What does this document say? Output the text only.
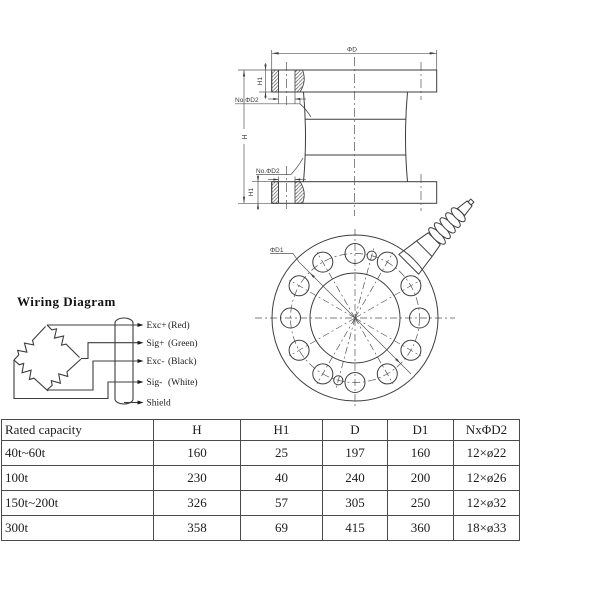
ΦD
H
H1
H1
No.ΦD2
No.ΦD2
ΦD1
Wiring Diagram
Exc+ (Red)
Sig+ (Green)
Exc- (Black)
Sig- (White)
Shield
Rated capacity	H	H1	D	D1	NxΦD2
40t~60t	160	25	197	160	12×ø22
100t	230	40	240	200	12×ø26
150t~200t	326	57	305	250	12×ø32
300t	358	69	415	360	18×ø33
